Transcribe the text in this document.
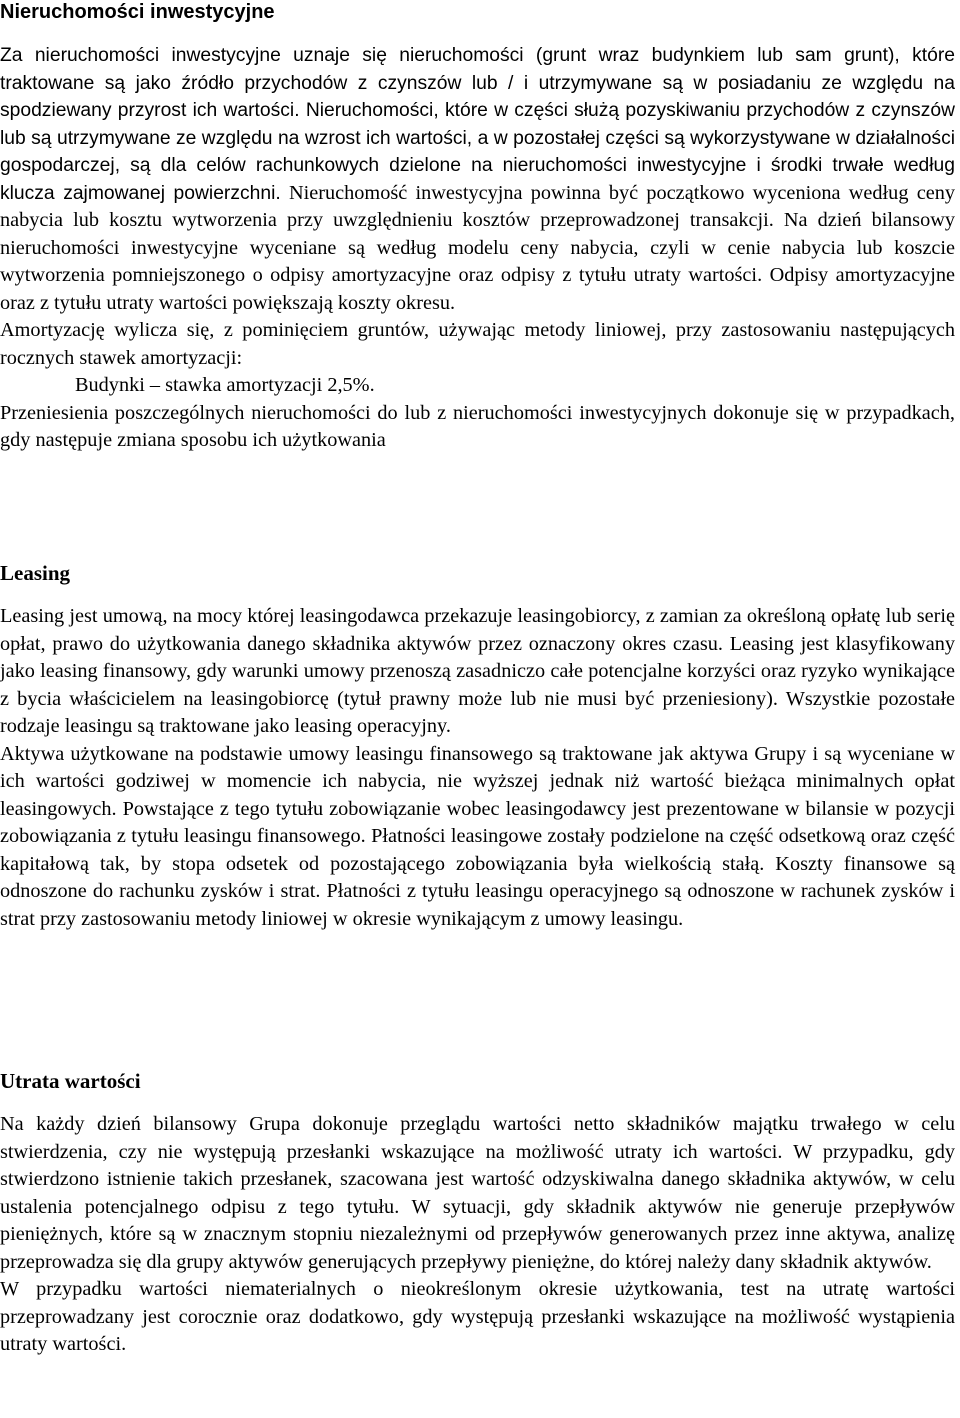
Nieruchomości inwestycyjne

Za nieruchomości inwestycyjne uznaje się nieruchomości (grunt wraz budynkiem lub sam grunt), które traktowane są jako źródło przychodów z czynszów lub / i utrzymywane są w posiadaniu ze względu na spodziewany przyrost ich wartości. Nieruchomości, które w części służą pozyskiwaniu przychodów z czynszów lub są utrzymywane ze względu na wzrost ich wartości, a w pozostałej części są wykorzystywane w działalności gospodarczej, są dla celów rachunkowych dzielone na nieruchomości inwestycyjne i środki trwałe według klucza zajmowanej powierzchni. Nieruchomość inwestycyjna powinna być początkowo wyceniona według ceny nabycia lub kosztu wytworzenia przy uwzględnieniu kosztów przeprowadzonej transakcji. Na dzień bilansowy nieruchomości inwestycyjne wyceniane są według modelu ceny nabycia, czyli w cenie nabycia lub koszcie wytworzenia pomniejszonego o odpisy amortyzacyjne oraz odpisy z tytułu utraty wartości. Odpisy amortyzacyjne oraz z tytułu utraty wartości powiększają koszty okresu.

Amortyzację wylicza się, z pominięciem gruntów, używając metody liniowej, przy zastosowaniu następujących rocznych stawek amortyzacji:

Budynki – stawka amortyzacji 2,5%.

Przeniesienia poszczególnych nieruchomości do lub z nieruchomości inwestycyjnych dokonuje się w przypadkach, gdy następuje zmiana sposobu ich użytkowania

Leasing

Leasing jest umową, na mocy której leasingodawca przekazuje leasingobiorcy, z zamian za określoną opłatę lub serię opłat, prawo do użytkowania danego składnika aktywów przez oznaczony okres czasu. Leasing jest klasyfikowany jako leasing finansowy, gdy warunki umowy przenoszą zasadniczo całe potencjalne korzyści oraz ryzyko wynikające z bycia właścicielem na leasingobiorcę (tytuł prawny może lub nie musi być przeniesiony). Wszystkie pozostałe rodzaje leasingu są traktowane jako leasing operacyjny.

Aktywa użytkowane na podstawie umowy leasingu finansowego są traktowane jak aktywa Grupy i są wyceniane w ich wartości godziwej w momencie ich nabycia, nie wyższej jednak niż wartość bieżąca minimalnych opłat leasingowych. Powstające z tego tytułu zobowiązanie wobec leasingodawcy jest prezentowane w bilansie w pozycji zobowiązania z tytułu leasingu finansowego. Płatności leasingowe zostały podzielone na część odsetkową oraz część kapitałową tak, by stopa odsetek od pozostającego zobowiązania była wielkością stałą. Koszty finansowe są odnoszone do rachunku zysków i strat. Płatności z tytułu leasingu operacyjnego są odnoszone w rachunek zysków i strat przy zastosowaniu metody liniowej w okresie wynikającym z umowy leasingu.

Utrata wartości

Na każdy dzień bilansowy Grupa dokonuje przeglądu wartości netto składników majątku trwałego w celu stwierdzenia, czy nie występują przesłanki wskazujące na możliwość utraty ich wartości. W przypadku, gdy stwierdzono istnienie takich przesłanek, szacowana jest wartość odzyskiwalna danego składnika aktywów, w celu ustalenia potencjalnego odpisu z tego tytułu. W sytuacji, gdy składnik aktywów nie generuje przepływów pieniężnych, które są w znacznym stopniu niezależnymi od przepływów generowanych przez inne aktywa, analizę przeprowadza się dla grupy aktywów generujących przepływy pieniężne, do której należy dany składnik aktywów.

W przypadku wartości niematerialnych o nieokreślonym okresie użytkowania, test na utratę wartości przeprowadzany jest corocznie oraz dodatkowo, gdy występują przesłanki wskazujące na możliwość wystąpienia utraty wartości.
